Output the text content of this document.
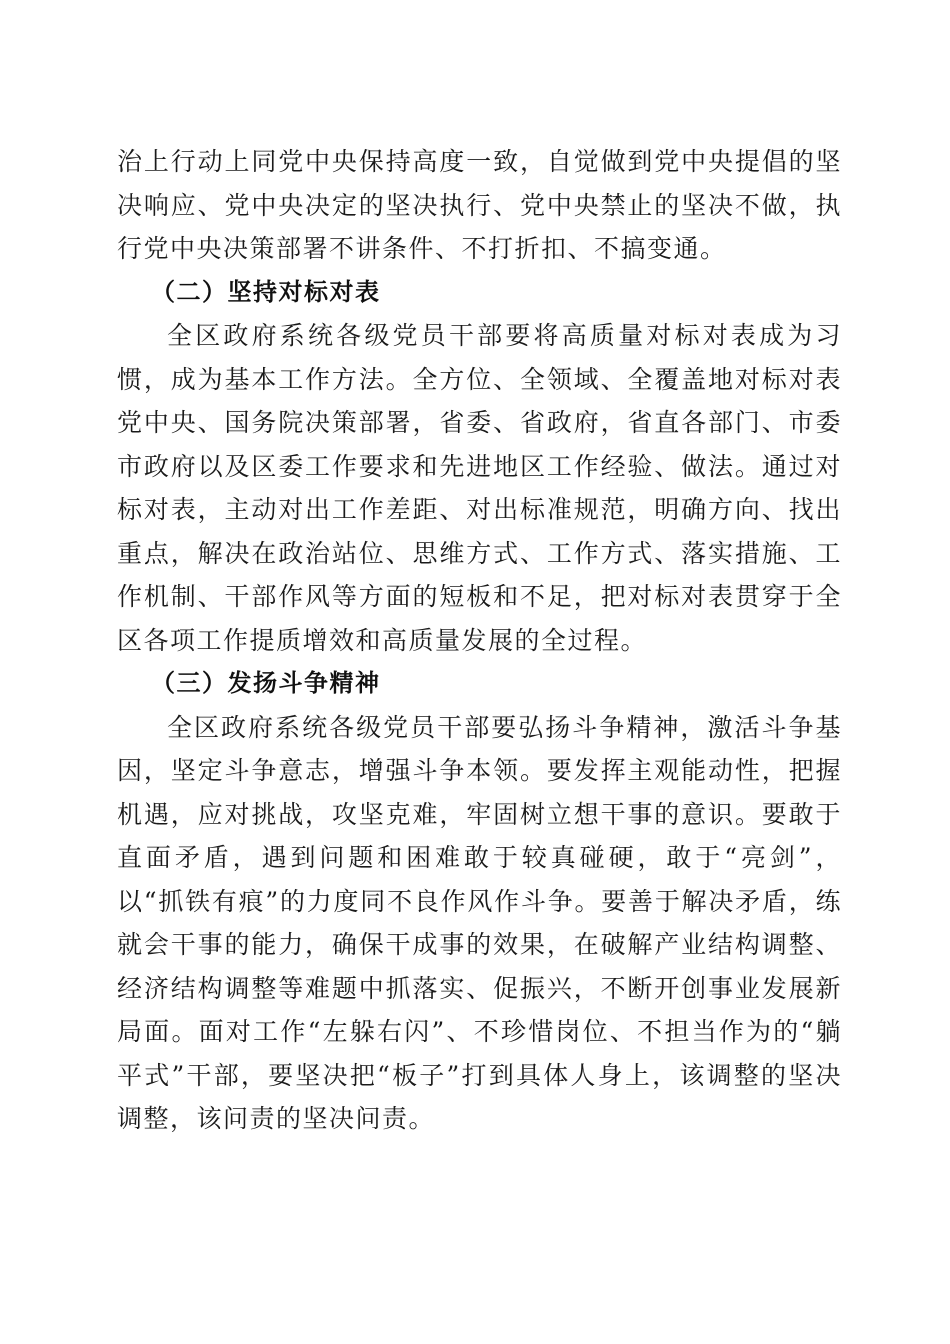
治上行动上同党中央保持高度一致，自觉做到党中央提倡的坚决响应、党中央决定的坚决执行、党中央禁止的坚决不做，执行党中央决策部署不讲条件、不打折扣、不搞变通。

（二）坚持对标对表

全区政府系统各级党员干部要将高质量对标对表成为习惯，成为基本工作方法。全方位、全领域、全覆盖地对标对表党中央、国务院决策部署，省委、省政府，省直各部门、市委市政府以及区委工作要求和先进地区工作经验、做法。通过对标对表，主动对出工作差距、对出标准规范，明确方向、找出重点，解决在政治站位、思维方式、工作方式、落实措施、工作机制、干部作风等方面的短板和不足，把对标对表贯穿于全区各项工作提质增效和高质量发展的全过程。

（三）发扬斗争精神

全区政府系统各级党员干部要弘扬斗争精神，激活斗争基因，坚定斗争意志，增强斗争本领。要发挥主观能动性，把握机遇，应对挑战，攻坚克难，牢固树立想干事的意识。要敢于直面矛盾，遇到问题和困难敢于较真碰硬，敢于“亮剑”，以“抓铁有痕”的力度同不良作风作斗争。要善于解决矛盾，练就会干事的能力，确保干成事的效果，在破解产业结构调整、经济结构调整等难题中抓落实、促振兴，不断开创事业发展新局面。面对工作“左躲右闪”、不珍惜岗位、不担当作为的“躺平式”干部，要坚决把“板子”打到具体人身上，该调整的坚决调整，该问责的坚决问责。
